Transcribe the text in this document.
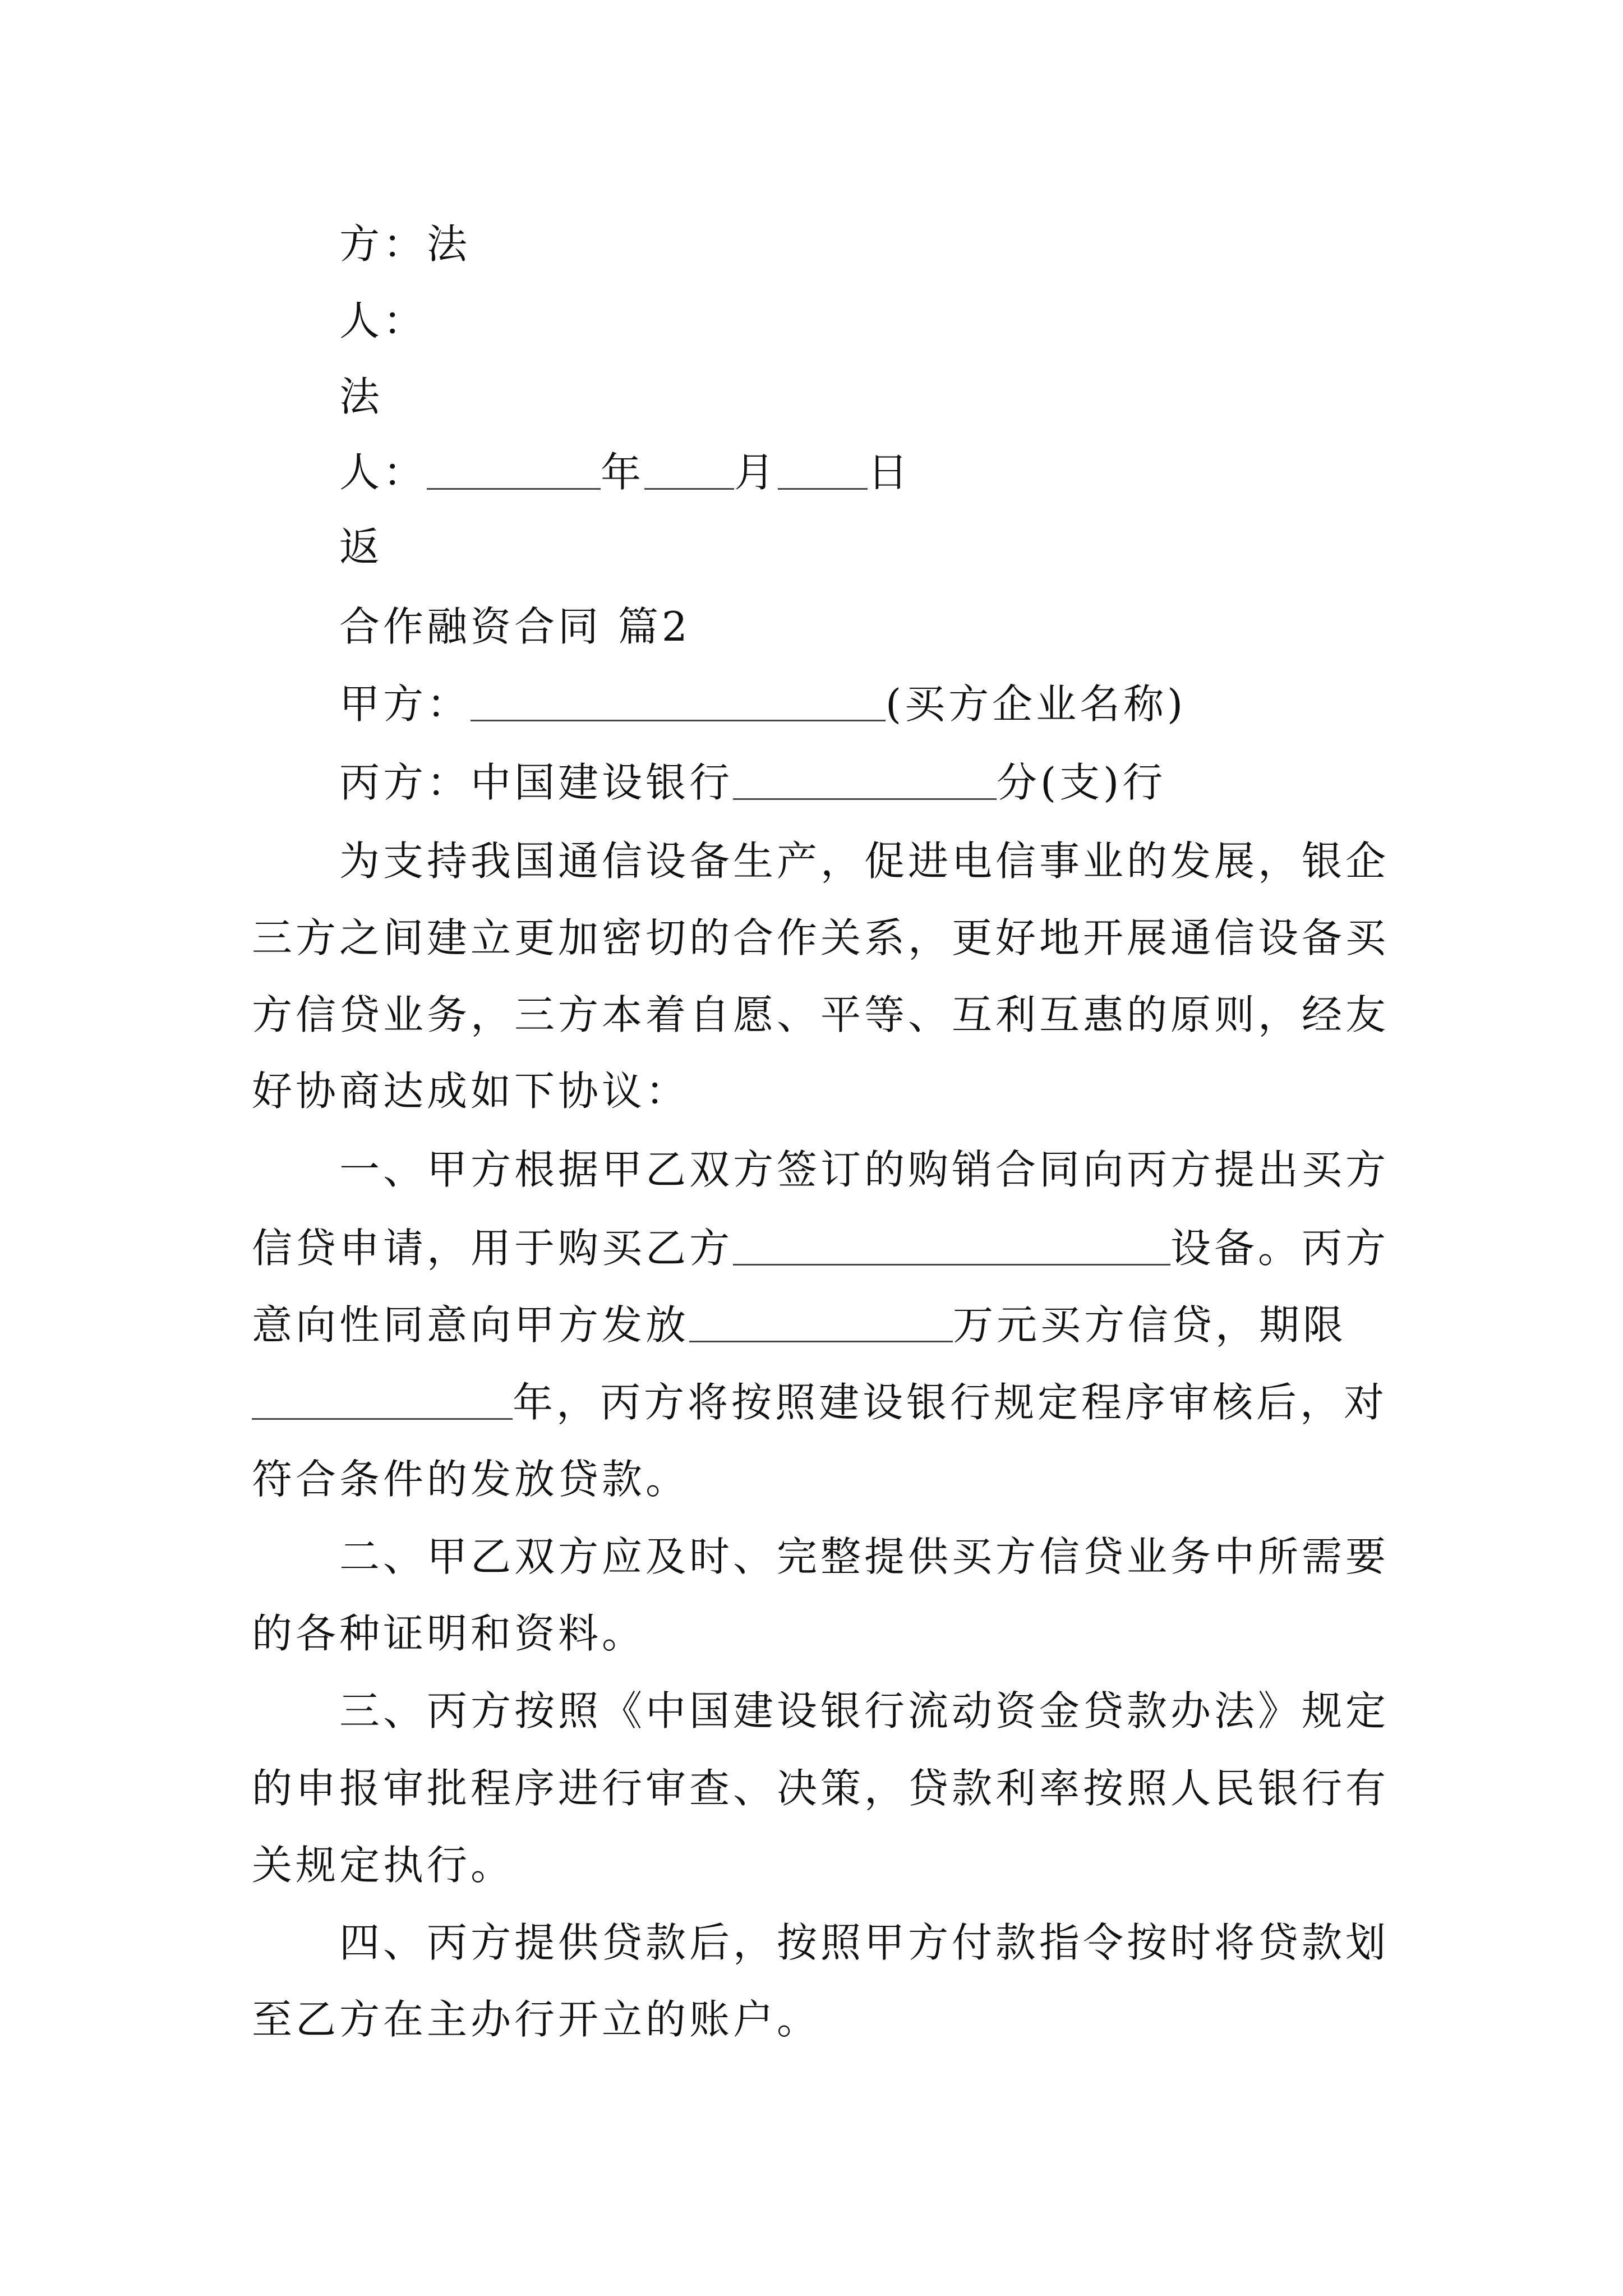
方：法
人：
法
人：	年 月 日
返
合作融资合同 篇2
甲方：	(买方企业名称)
丙方：中国建设银行	分(支)行
为支持我国通信设备生产，促进电信事业的发展，银企
三方之间建立更加密切的合作关系，更好地开展通信设备买
方信贷业务，三方本着自愿、平等、互利互惠的原则，经友
好协商达成如下协议：
一、甲方根据甲乙双方签订的购销合同向丙方提出买方
信贷申请，用于购买乙方	设备。丙方
意向性同意向甲方发放	万元买方信贷，期限
年，丙方将按照建设银行规定程序审核后，对
符合条件的发放贷款。
二、甲乙双方应及时、完整提供买方信贷业务中所需要
的各种证明和资料。
三、丙方按照《中国建设银行流动资金贷款办法》规定
的申报审批程序进行审查、决策，贷款利率按照人民银行有
关规定执行。
四、丙方提供贷款后，按照甲方付款指令按时将贷款划
至乙方在主办行开立的账户。
